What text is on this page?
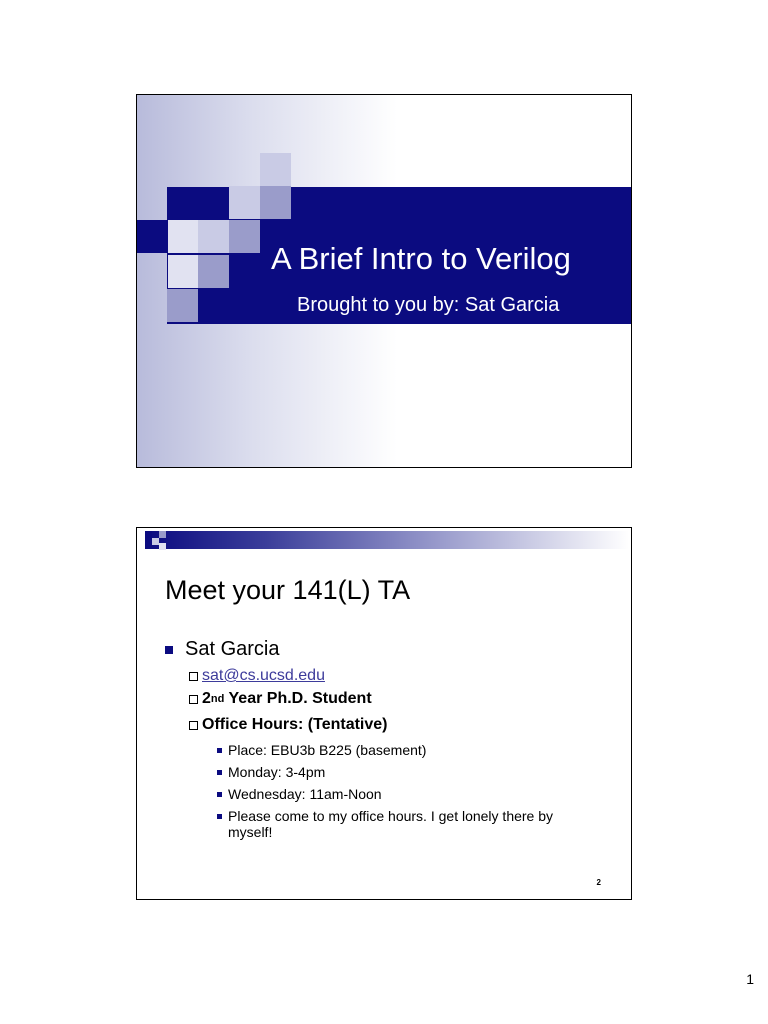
A Brief Intro to Verilog
Brought to you by: Sat Garcia
Meet your 141(L) TA
Sat Garcia
sat@cs.ucsd.edu
2 nd Year Ph.D. Student
Office Hours: (Tentative)
Place: EBU3b B225 (basement)
Monday: 3-4pm
Wednesday: 11am-Noon
Please come to my office hours. I get lonely there by myself!
2
1
